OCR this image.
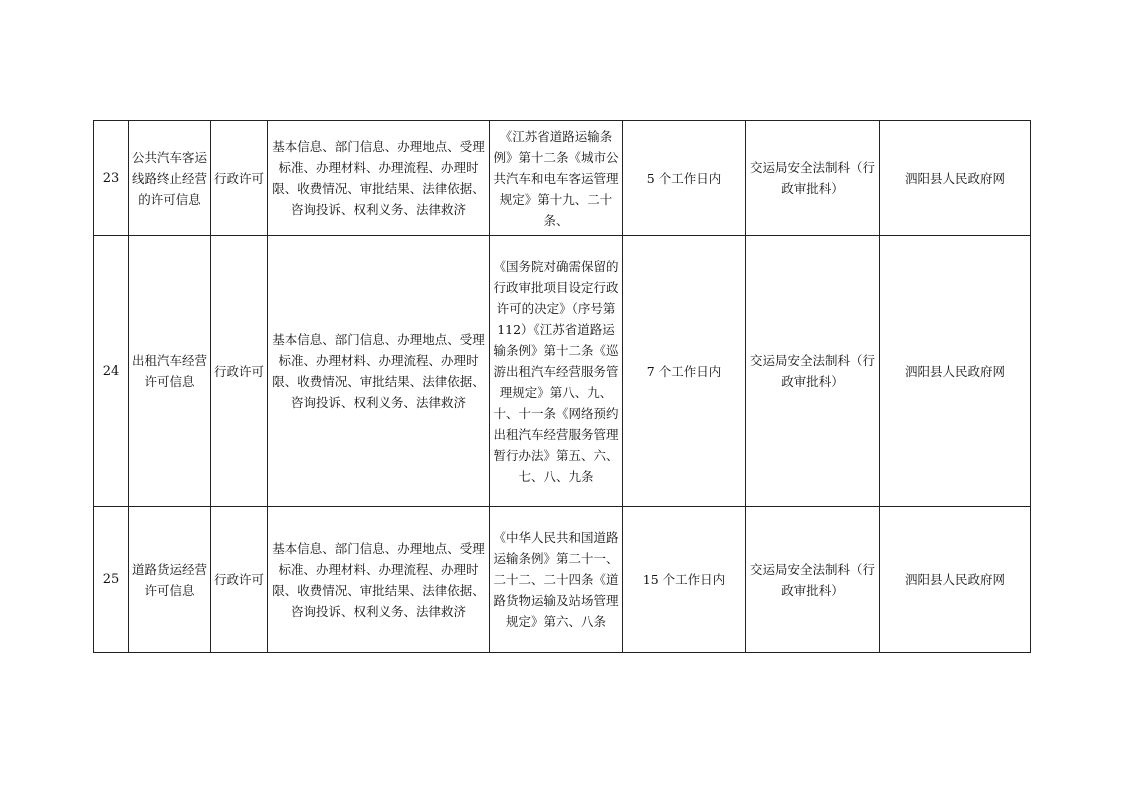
23	公共汽车客运线路终止经营的许可信息	行政许可	基本信息、部门信息、办理地点、受理标准、办理材料、办理流程、办理时限、收费情况、审批结果、法律依据、咨询投诉、权利义务、法律救济	《江苏省道路运输条例》第十二条《城市公共汽车和电车客运管理规定》第十九、二十条、	5 个工作日内	交运局安全法制科（行政审批科）	泗阳县人民政府网
24	出租汽车经营许可信息	行政许可	基本信息、部门信息、办理地点、受理标准、办理材料、办理流程、办理时限、收费情况、审批结果、法律依据、咨询投诉、权利义务、法律救济	《国务院对确需保留的行政审批项目设定行政许可的决定》（序号第 112）《江苏省道路运输条例》第十二条《巡游出租汽车经营服务管理规定》第八、九、十、十一条《网络预约出租汽车经营服务管理暂行办法》第五、六、七、八、九条	7 个工作日内	交运局安全法制科（行政审批科）	泗阳县人民政府网
25	道路货运经营许可信息	行政许可	基本信息、部门信息、办理地点、受理标准、办理材料、办理流程、办理时限、收费情况、审批结果、法律依据、咨询投诉、权利义务、法律救济	《中华人民共和国道路运输条例》第二十一、二十二、二十四条《道路货物运输及站场管理规定》第六、八条	15 个工作日内	交运局安全法制科（行政审批科）	泗阳县人民政府网
